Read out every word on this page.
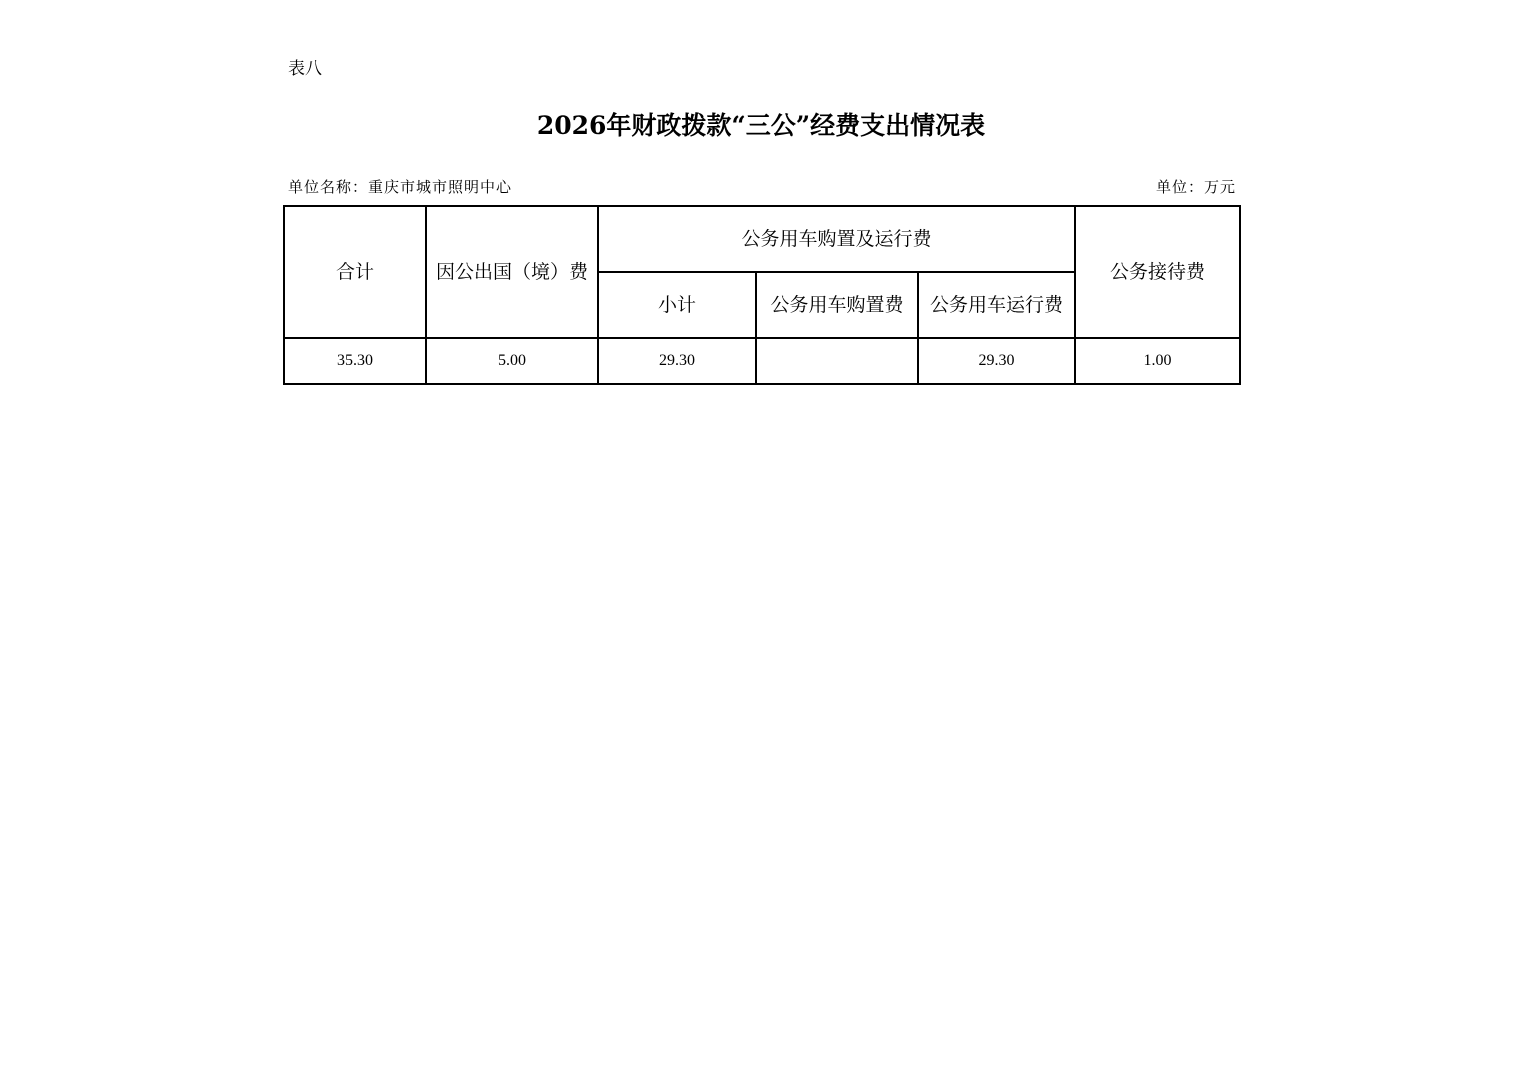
表八
2026年财政拨款“三公”经费支出情况表
单位名称：重庆市城市照明中心	单位：万元
合计	因公出国（境）费	公务用车购置及运行费			公务接待费
		小计	公务用车购置费	公务用车运行费	
35.30	5.00	29.30		29.30	1.00
